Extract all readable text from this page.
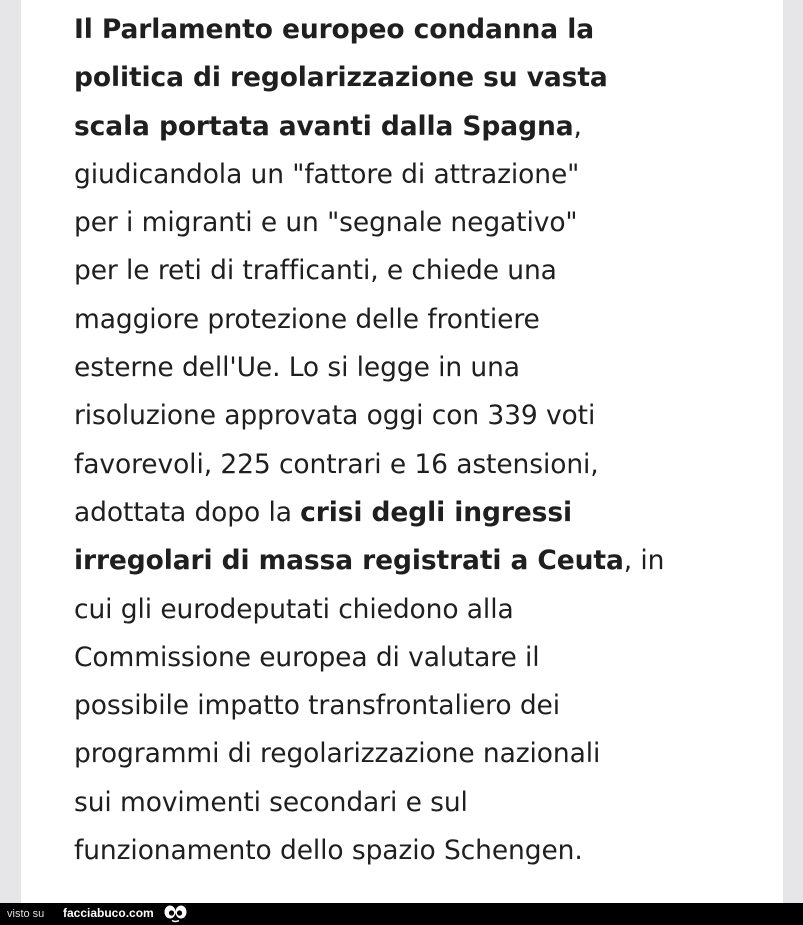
Il Parlamento europeo condanna la
politica di regolarizzazione su vasta
scala portata avanti dalla Spagna,
giudicandola un "fattore di attrazione"
per i migranti e un "segnale negativo"
per le reti di trafficanti, e chiede una
maggiore protezione delle frontiere
esterne dell'Ue. Lo si legge in una
risoluzione approvata oggi con 339 voti
favorevoli, 225 contrari e 16 astensioni,
adottata dopo la crisi degli ingressi
irregolari di massa registrati a Ceuta, in
cui gli eurodeputati chiedono alla
Commissione europea di valutare il
possibile impatto transfrontaliero dei
programmi di regolarizzazione nazionali
sui movimenti secondari e sul
funzionamento dello spazio Schengen.
visto su facciabuco.com
